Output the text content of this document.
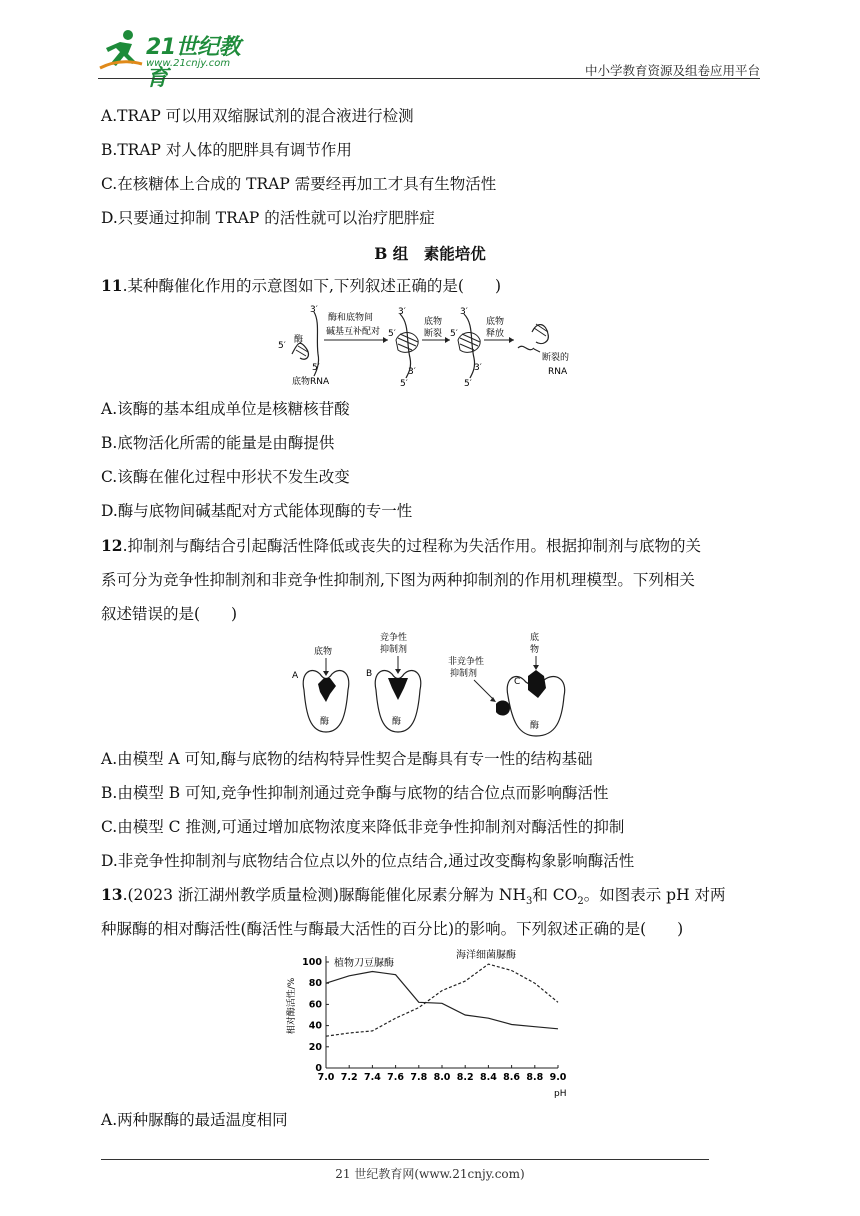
21世纪教育
www.21cnjy.com	中小学教育资源及组卷应用平台
A.TRAP 可以用双缩脲试剂的混合液进行检测
B.TRAP 对人体的肥胖具有调节作用
C.在核糖体上合成的 TRAP 需要经再加工才具有生物活性
D.只要通过抑制 TRAP 的活性就可以治疗肥胖症
B 组　素能培优
11.某种酶催化作用的示意图如下,下列叙述正确的是(　　)
酶
3′
5′
5′
底物RNA
酶和底物间
碱基互补配对
3′
5′
3′
5′
底物
断裂
3′
5′
3′
5′
底物
释放
断裂的
RNA
A.该酶的基本组成单位是核糖核苷酸
B.底物活化所需的能量是由酶提供
C.该酶在催化过程中形状不发生改变
D.酶与底物间碱基配对方式能体现酶的专一性
12.抑制剂与酶结合引起酶活性降低或丧失的过程称为失活作用。根据抑制剂与底物的关
系可分为竞争性抑制剂和非竞争性抑制剂,下图为两种抑制剂的作用机理模型。下列相关
叙述错误的是(　　)
A
底物
酶
B
竞争性
抑制剂
酶
非竞争性
抑制剂
C
底
物
酶
A.由模型 A 可知,酶与底物的结构特异性契合是酶具有专一性的结构基础
B.由模型 B 可知,竞争性抑制剂通过竞争酶与底物的结合位点而影响酶活性
C.由模型 C 推测,可通过增加底物浓度来降低非竞争性抑制剂对酶活性的抑制
D.非竞争性抑制剂与底物结合位点以外的位点结合,通过改变酶构象影响酶活性
13.(2023 浙江湖州教学质量检测)脲酶能催化尿素分解为 $NH_3$和 $CO_2$。如图表示 pH 对两
种脲酶的相对酶活性(酶活性与酶最大活性的百分比)的影响。下列叙述正确的是(　　)
相对酶活性/%
7.0 7.2 7.4 7.6 7.8 8.0 8.2 8.4 8.6 8.8 9.0
0
20
40
60
80
100
pH
植物刀豆脲酶
海洋细菌脲酶
A.两种脲酶的最适温度相同
21 世纪教育网(www.21cnjy.com)
